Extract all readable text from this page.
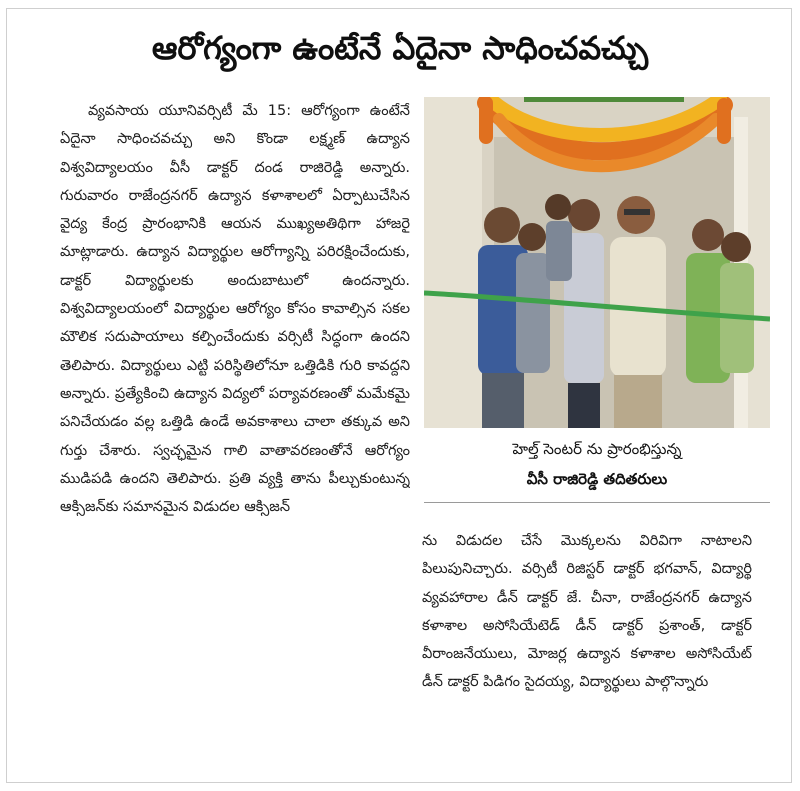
ఆరోగ్యంగా ఉంటేనే ఏదైనా సాధించవచ్చు

వ్యవసాయ యూనివర్సిటీ మే 15: ఆరోగ్యంగా ఉంటేనే ఏదైనా సాధించవచ్చు అని కొండా లక్ష్మణ్ ఉద్యాన విశ్వవిద్యాలయం వీసీ డాక్టర్ దండ రాజిరెడ్డి అన్నారు. గురువారం రాజేంద్రనగర్ ఉద్యాన కళాశాలలో ఏర్పాటుచేసిన వైద్య కేంద్ర ప్రారంభానికి ఆయన ముఖ్యఅతిథిగా హాజరై మాట్లాడారు. ఉద్యాన విద్యార్థుల ఆరోగ్యాన్ని పరిరక్షించేందుకు, డాక్టర్ విద్యార్థులకు అందుబాటులో ఉందన్నారు. విశ్వవిద్యాలయంలో విద్యార్థుల ఆరోగ్యం కోసం కావాల్సిన సకల మౌలిక సదుపాయాలు కల్పించేందుకు వర్సిటీ సిద్ధంగా ఉందని తెలిపారు. విద్యార్థులు ఎట్టి పరిస్థితిలోనూ ఒత్తిడికి గురి కావద్దని అన్నారు. ప్రత్యేకించి ఉద్యాన విద్యలో పర్యావరణంతో మమేకమై పనిచేయడం వల్ల ఒత్తిడి ఉండే అవకాశాలు చాలా తక్కువ అని గుర్తు చేశారు. స్వచ్ఛమైన గాలి వాతావరణంతోనే ఆరోగ్యం ముడిపడి ఉందని తెలిపారు. ప్రతి వ్యక్తి తాను పీల్చుకుంటున్న ఆక్సిజన్‌కు సమానమైన విడుదల ఆక్సిజన్

హెల్త్ సెంటర్ ను ప్రారంభిస్తున్న
వీసీ రాజిరెడ్డి తదితరులు

ను విడుదల చేసే మొక్కలను విరివిగా నాటాలని పిలుపునిచ్చారు. వర్సిటీ రిజిస్టర్ డాక్టర్ భగవాన్, విద్యార్థి వ్యవహారాల డీన్ డాక్టర్ జే. చీనా, రాజేంద్రనగర్ ఉద్యాన కళాశాల అసోసియేటెడ్ డీన్ డాక్టర్ ప్రశాంత్, డాక్టర్ వీరాంజనేయులు, మోజర్ల ఉద్యాన కళాశాల అసోసియేట్ డీన్ డాక్టర్ పిడిగం సైదయ్య, విద్యార్థులు పాల్గొన్నారు
